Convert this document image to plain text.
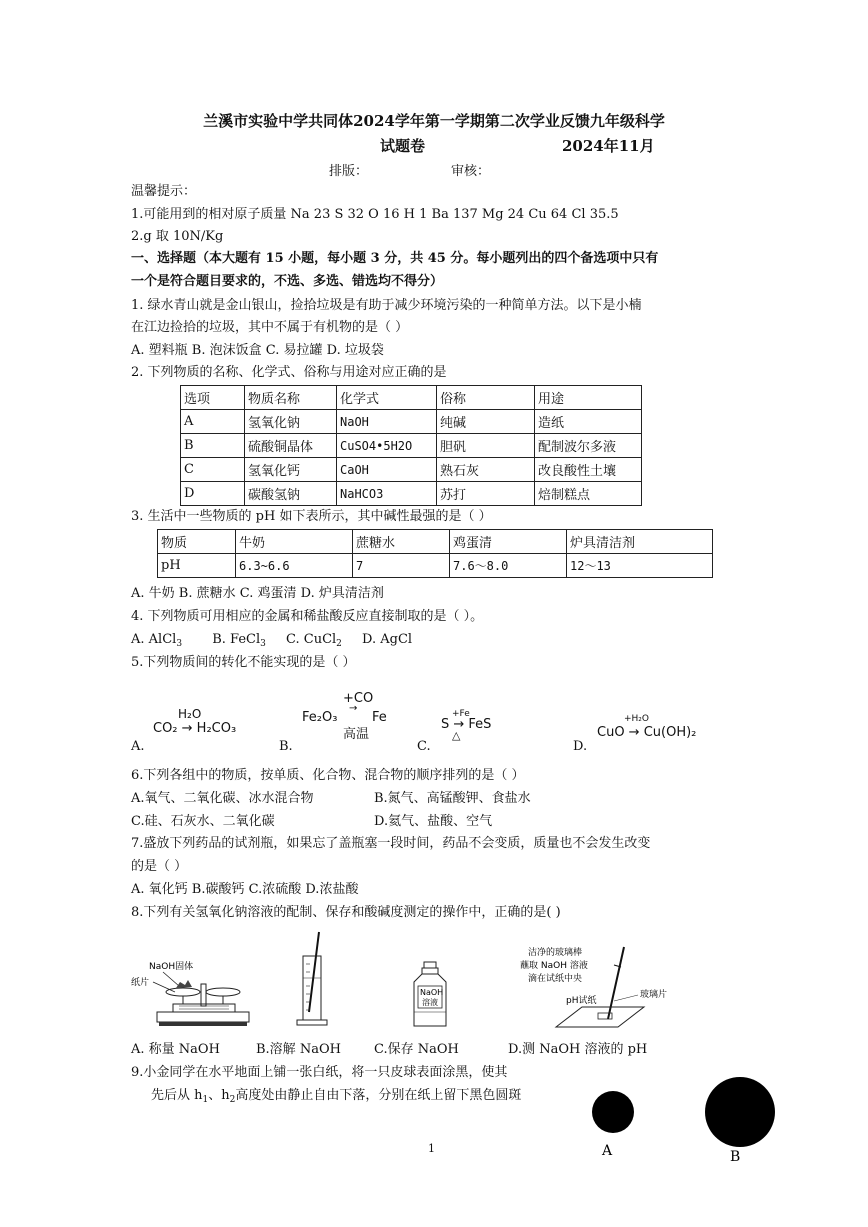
兰溪市实验中学共同体2024学年第一学期第二次学业反馈九年级科学
试题卷	2024年11月
排版：	审核：
温馨提示：
1.可能用到的相对原子质量 Na 23 S 32 O 16 H 1 Ba 137 Mg 24 Cu 64 Cl 35.5
2.g 取 10N/Kg
一、选择题（本大题有 15 小题，每小题 3 分，共 45 分。每小题列出的四个备选项中只有
一个是符合题目要求的，不选、多选、错选均不得分）
1. 绿水青山就是金山银山，捡拾垃圾是有助于减少环境污染的一种简单方法。以下是小楠
在江边捡拾的垃圾，其中不属于有机物的是（ ）
A. 塑料瓶 B. 泡沫饭盒 C. 易拉罐 D. 垃圾袋
2. 下列物质的名称、化学式、俗称与用途对应正确的是
选项	物质名称	化学式	俗称	用途
A	氢氧化钠	NaOH	纯碱	造纸
B	硫酸铜晶体	CuSO4•5H2O	胆矾	配制波尔多液
C	氢氧化钙	CaOH	熟石灰	改良酸性土壤
D	碳酸氢钠	NaHCO3	苏打	焙制糕点
3. 生活中一些物质的 pH 如下表所示，其中碱性最强的是（ ）
物质	牛奶	蔗糖水	鸡蛋清	炉具清洁剂
pH	6.3~6.6	7	7.6～8.0	12～13
A. 牛奶 B. 蔗糖水 C. 鸡蛋清 D. 炉具清洁剂
4. 下列物质可用相应的金属和稀盐酸反应直接制取的是（ ）。
A. AlCl$_3$ B. FeCl$_3$ C. CuCl$_2$ D. AgCl
5.下列物质间的转化不能实现的是（ ）
H₂O
CO₂ → H₂CO₃
+CO
→
Fe₂O₃	Fe
高温
+Fe
S → FeS
△
+H₂O
CuO → Cu(OH)₂
A.	B.	C.	D.
6.下列各组中的物质，按单质、化合物、混合物的顺序排列的是（ ）
A.氧气、二氧化碳、冰水混合物	B.氮气、高锰酸钾、食盐水
C.硅、石灰水、二氧化碳	D.氦气、盐酸、空气
7.盛放下列药品的试剂瓶，如果忘了盖瓶塞一段时间，药品不会变质，质量也不会发生改变
的是（ ）
A. 氧化钙 B.碳酸钙 C.浓硫酸 D.浓盐酸
8.下列有关氢氧化钠溶液的配制、保存和酸碱度测定的操作中，正确的是( )
NaOH固体
纸片
NaOH
溶液
洁净的玻璃棒
蘸取 NaOH 溶液
滴在试纸中央
pH试纸
玻璃片
A. 称量 NaOH	B.溶解 NaOH	C.保存 NaOH	D.测 NaOH 溶液的 pH
9.小金同学在水平地面上铺一张白纸，将一只皮球表面涂黑，使其
先后从 $h_1$、$h_2$高度处由静止自由下落，分别在纸上留下黑色圆斑
A	B
1
